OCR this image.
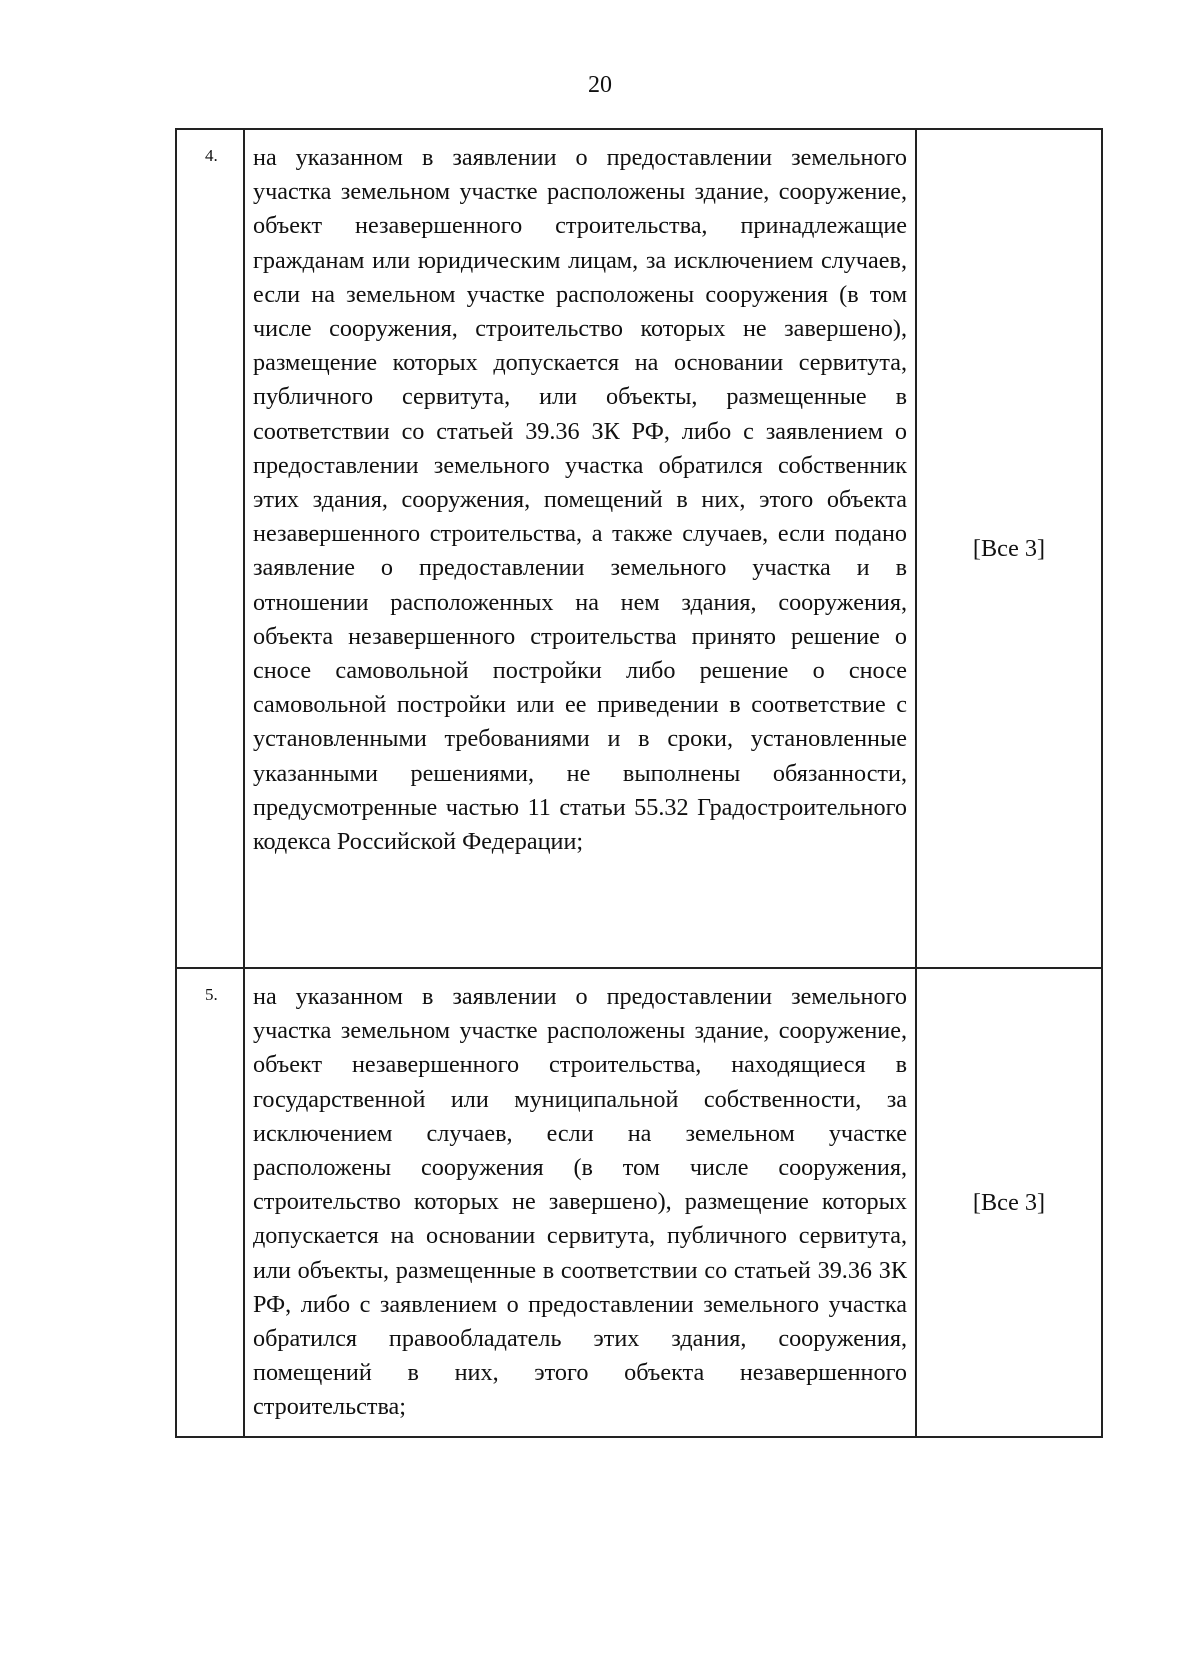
20
4.	на указанном в заявлении о предоставлении земельного участка земельном участке расположены здание, сооружение, объект незавершенного строительства, принадлежащие гражданам или юридическим лицам, за исключением случаев, если на земельном участке расположены сооружения (в том числе сооружения, строительство которых не завершено), размещение которых допускается на основании сервитута, публичного сервитута, или объекты, размещенные в соответствии со статьей 39.36 ЗК РФ, либо с заявлением о предоставлении земельного участка обратился собственник этих здания, сооружения, помещений в них, этого объекта незавершенного строительства, а также случаев, если подано заявление о предоставлении земельного участка и в отношении расположенных на нем здания, сооружения, объекта незавершенного строительства принято решение о сносе самовольной постройки либо решение о сносе самовольной постройки или ее приведении в соответствие с установленными требованиями и в сроки, установленные указанными решениями, не выполнены обязанности, предусмотренные частью 11 статьи 55.32 Градостроительного кодекса Российской Федерации;	[Все 3]
5.	на указанном в заявлении о предоставлении земельного участка земельном участке расположены здание, сооружение, объект незавершенного строительства, находящиеся в государственной или муниципальной собственности, за исключением случаев, если на земельном участке расположены сооружения (в том числе сооружения, строительство которых не завершено), размещение которых допускается на основании сервитута, публичного сервитута, или объекты, размещенные в соответствии со статьей 39.36 ЗК РФ, либо с заявлением о предоставлении земельного участка обратился правообладатель этих здания, сооружения, помещений в них, этого объекта незавершенного строительства;	[Все 3]
